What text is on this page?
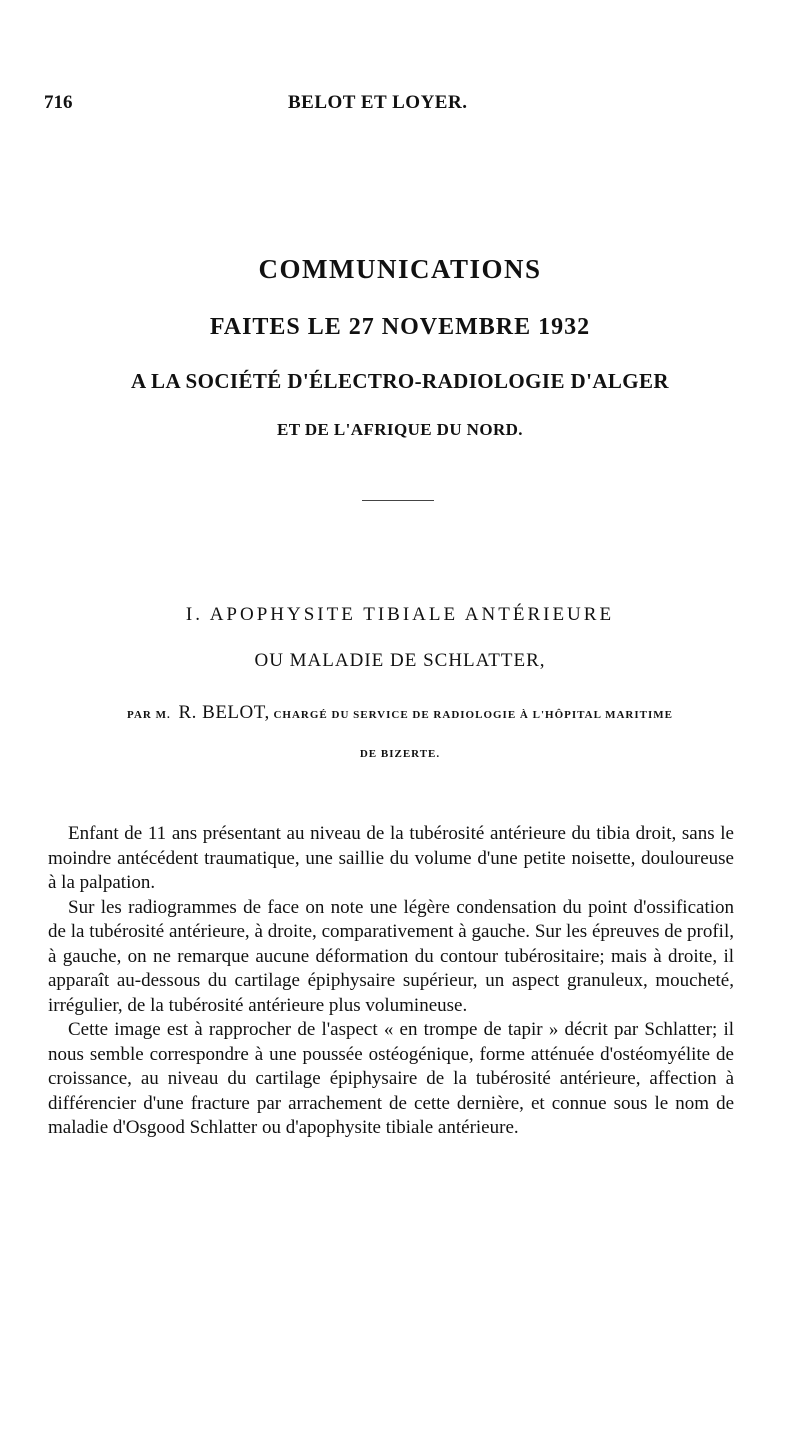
716	BELOT ET LOYER.
COMMUNICATIONS
FAITES LE 27 NOVEMBRE 1932
A LA SOCIÉTÉ D'ÉLECTRO-RADIOLOGIE D'ALGER
ET DE L'AFRIQUE DU NORD.
I. APOPHYSITE TIBIALE ANTÉRIEURE
OU MALADIE DE SCHLATTER,
PAR M. R. BELOT, CHARGÉ DU SERVICE DE RADIOLOGIE À L'HÔPITAL MARITIME
DE BIZERTE.

Enfant de 11 ans présentant au niveau de la tubérosité antérieure du tibia droit, sans le moindre antécédent traumatique, une saillie du volume d'une petite noisette, douloureuse à la palpation.

Sur les radiogrammes de face on note une légère condensation du point d'ossification de la tubérosité antérieure, à droite, comparativement à gauche. Sur les épreuves de profil, à gauche, on ne remarque aucune déformation du contour tubérositaire; mais à droite, il apparaît au-dessous du cartilage épiphysaire supérieur, un aspect granuleux, moucheté, irrégulier, de la tubérosité antérieure plus volumineuse.

Cette image est à rapprocher de l'aspect « en trompe de tapir » décrit par Schlatter; il nous semble correspondre à une poussée ostéogénique, forme atténuée d'ostéomyélite de croissance, au niveau du cartilage épiphysaire de la tubérosité antérieure, affection à différencier d'une fracture par arrachement de cette dernière, et connue sous le nom de maladie d'Osgood Schlatter ou d'apophysite tibiale antérieure.
